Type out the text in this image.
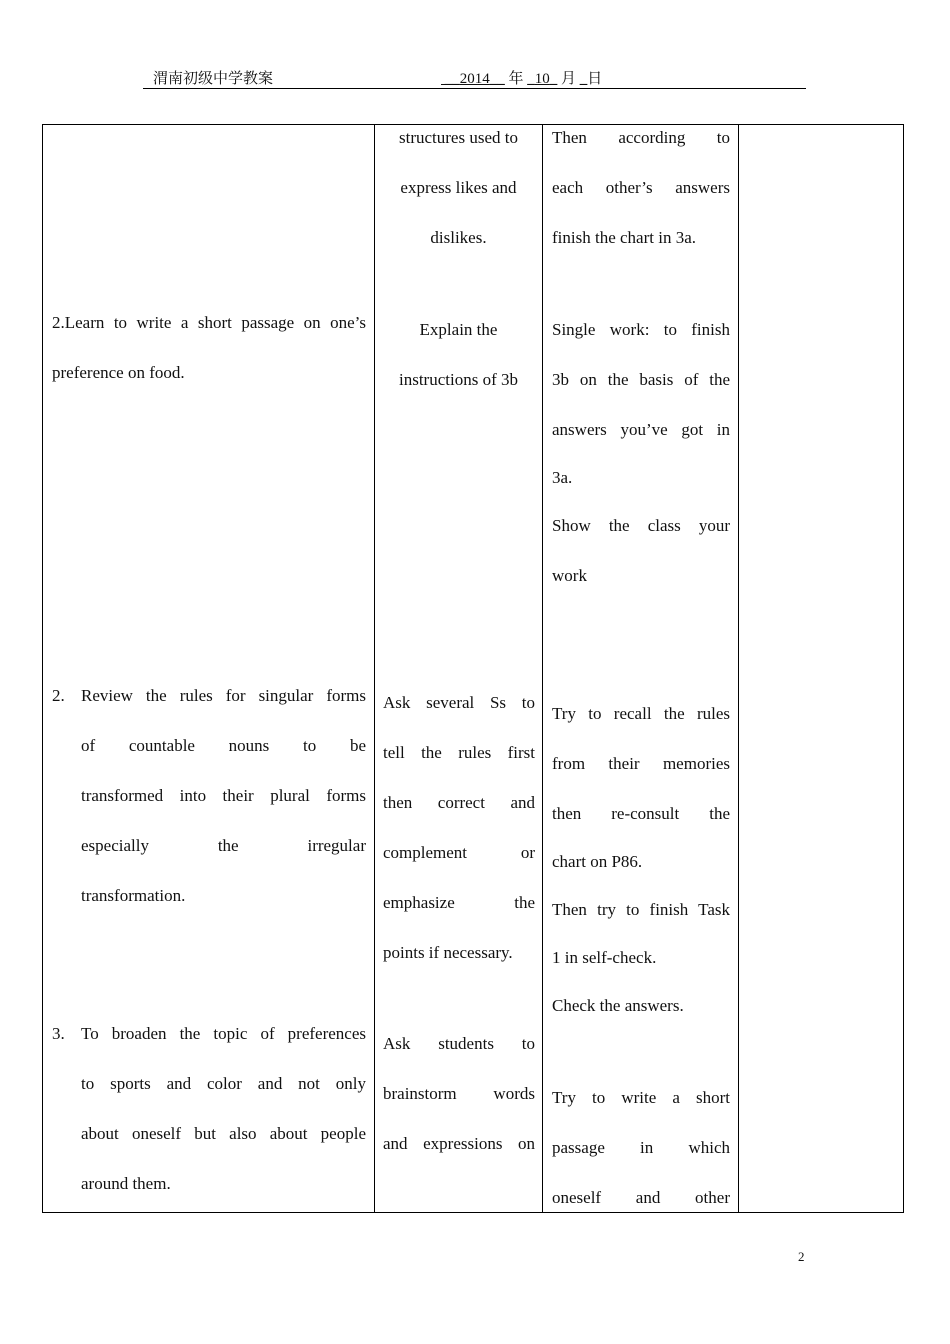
渭南初级中学教案	__2014__ 年 _10_ 月 _日
structures used to
express likes and
dislikes.
Then according to
each other’s answers
finish the chart in 3a.
2.Learn to write a short passage on one’s
preference on food.
Explain the
instructions of 3b
Single work: to finish
3b on the basis of the
answers you’ve got in
3a.
Show the class your
work
2. Review the rules for singular forms
of countable nouns to be
transformed into their plural forms
especially the irregular
transformation.
Ask several Ss to
tell the rules first
then correct and
complement or
emphasize the
points if necessary.
Try to recall the rules
from their memories
then re-consult the
chart on P86.
Then try to finish Task
1 in self-check.
Check the answers.
3. To broaden the topic of preferences
to sports and color and not only
about oneself but also about people
around them.
Ask students to
brainstorm words
and expressions on
Try to write a short
passage in which
oneself and other
2
